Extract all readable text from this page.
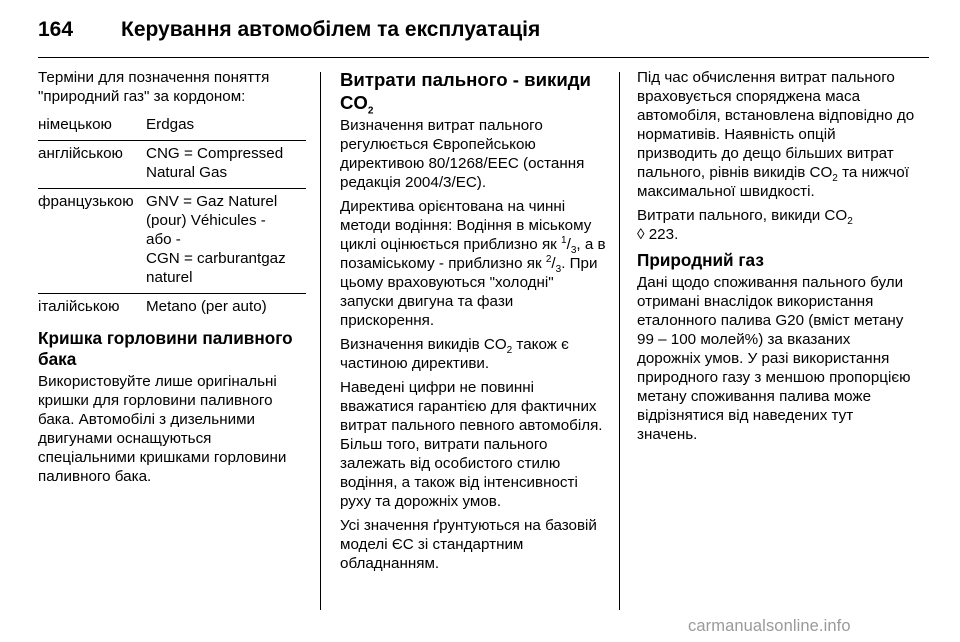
164 Керування автомобілем та експлуатація

Терміни для позначення поняття "природний газ" за кордоном:

німецькою	Erdgas
англійською	CNG = Compressed
Natural Gas
французькою GNV = Gaz Naturel
(pour) Véhicules -
або -
CGN = carburantgaz
naturel
італійською	Metano (per auto)
Кришка горловини паливного бака

Використовуйте лише оригінальні кришки для горловини паливного бака. Автомобілі з дизельними двигунами оснащуються спеціальними кришками горловини паливного бака.

Витрати пального - викиди $CO_2$

Визначення витрат пального регулюється Європейською директивою 80/1268/EEC (остання редакція 2004/3/EC).

Директива орієнтована на чинні методи водіння: Водіння в міському циклі оцінюється приблизно як $^1/_3$, а в позаміському - приблизно як $^2/_3$. При цьому враховуються "холодні" запуски двигуна та фази прискорення.

Визначення викидів $CO_2$ також є частиною директиви.

Наведені цифри не повинні вважатися гарантією для фактичних витрат пального певного автомобіля. Більш того, витрати пального залежать від особистого стилю водіння, а також від інтенсивності руху та дорожніх умов.

Усі значення ґрунтуються на базовій моделі ЄС зі стандартним обладнанням.

Під час обчислення витрат пального враховується споряджена маса автомобіля, встановлена відповідно до нормативів. Наявність опцій призводить до дещо більших витрат пального, рівнів викидів $CO_2$ та нижчої максимальної швидкості.

Витрати пального, викиди $CO_2$
◊ 223.

Природний газ

Дані щодо споживання пального були отримані внаслідок використання еталонного палива G20 (вміст метану 99 – 100 молей%) за вказаних дорожніх умов. У разі використання природного газу з меншою пропорцією метану споживання палива може відрізнятися від наведених тут значень.

carmanualsonline.info
